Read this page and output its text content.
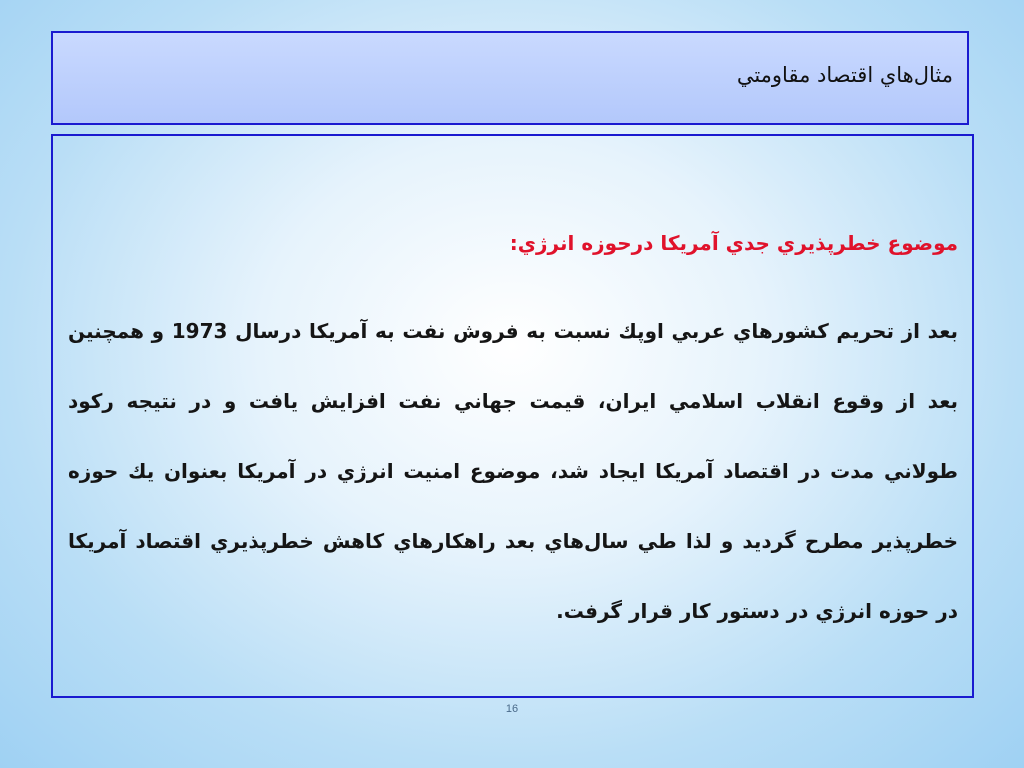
مثال‌هاي اقتصاد مقاومتي
موضوع خطرپذيري جدي آمريكا درحوزه انرژي:
بعد از تحريم كشورهاي عربي اوپك نسبت به فروش نفت به آمريكا درسال 1973 و همچنين بعد از وقوع انقلاب اسلامي ايران، قيمت جهاني نفت افزايش يافت و در نتيجه ركود طولاني مدت در اقتصاد آمريكا ايجاد شد، موضوع امنيت انرژي در آمريكا بعنوان يك حوزه خطرپذير مطرح گرديد و لذا طي سال‌هاي بعد راهكارهاي كاهش خطرپذيري اقتصاد آمريكا در حوزه انرژي در دستور كار قرار گرفت.
16
